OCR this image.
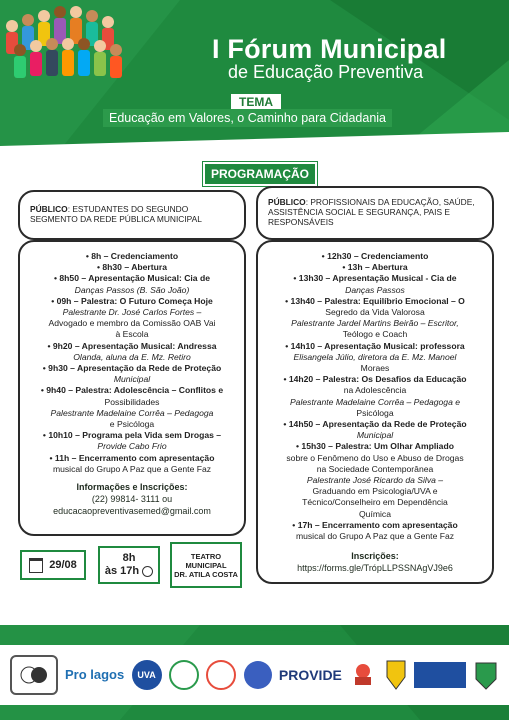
I Fórum Municipal
de Educação Preventiva
TEMA
Educação em Valores, o Caminho para Cidadania
PROGRAMAÇÃO
PÚBLICO: ESTUDANTES DO SEGUNDO SEGMENTO DA REDE PÚBLICA MUNICIPAL
PÚBLICO: PROFISSIONAIS DA EDUCAÇÃO, SAÚDE, ASSISTÊNCIA SOCIAL E SEGURANÇA, PAIS E RESPONSÁVEIS

• 8h – Credenciamento

• 8h30 – Abertura

• 8h50 – Apresentação Musical: Cia de

Danças Passos (B. São João)

• 09h – Palestra: O Futuro Começa Hoje

Palestrante Dr. José Carlos Fortes –

Advogado e membro da Comissão OAB Vai

à Escola

• 9h20 – Apresentação Musical: Andressa

Olanda, aluna da E. Mz. Retiro

• 9h30 – Apresentação da Rede de Proteção

Municipal

• 9h40 – Palestra: Adolescência – Conflitos e

Possibilidades

Palestrante Madelaine Corrêa – Pedagoga

e Psicóloga

• 10h10 – Programa pela Vida sem Drogas –

Provide Cabo Frio

• 11h – Encerramento com apresentação

musical do Grupo A Paz que a Gente Faz

Informações e Inscrições:
(22) 99814- 3111 ou
educacaopreventivasemed@gmail.com

• 12h30 – Credenciamento

• 13h – Abertura

• 13h30 – Apresentação Musical - Cia de

Danças Passos

• 13h40 – Palestra: Equilíbrio Emocional – O

Segredo da Vida Valorosa

Palestrante Jardel Martins Beirão – Escritor,

Teólogo e Coach

• 14h10 – Apresentação Musical: professora

Elisangela Júlio, diretora da E. Mz. Manoel

Moraes

• 14h20 – Palestra: Os Desafios da Educação

na Adolescência

Palestrante Madelaine Corrêa – Pedagoga e

Psicóloga

• 14h50 – Apresentação da Rede de Proteção

Municipal

• 15h30 – Palestra: Um Olhar Ampliado

sobre o Fenômeno do Uso e Abuso de Drogas

na Sociedade Contemporânea

Palestrante José Ricardo da Silva –

Graduando em Psicologia/UVA e

Técnico/Conselheiro em Dependência

Química

• 17h – Encerramento com apresentação

musical do Grupo A Paz que a Gente Faz

Inscrições:
https://forms.gle/TrópLLPSSNAgVJ9e6
29/08
8h
às 17h
TEATRO
MUNICIPAL
DR. ATILA COSTA
Pro lagos	UVA	PROVIDE
